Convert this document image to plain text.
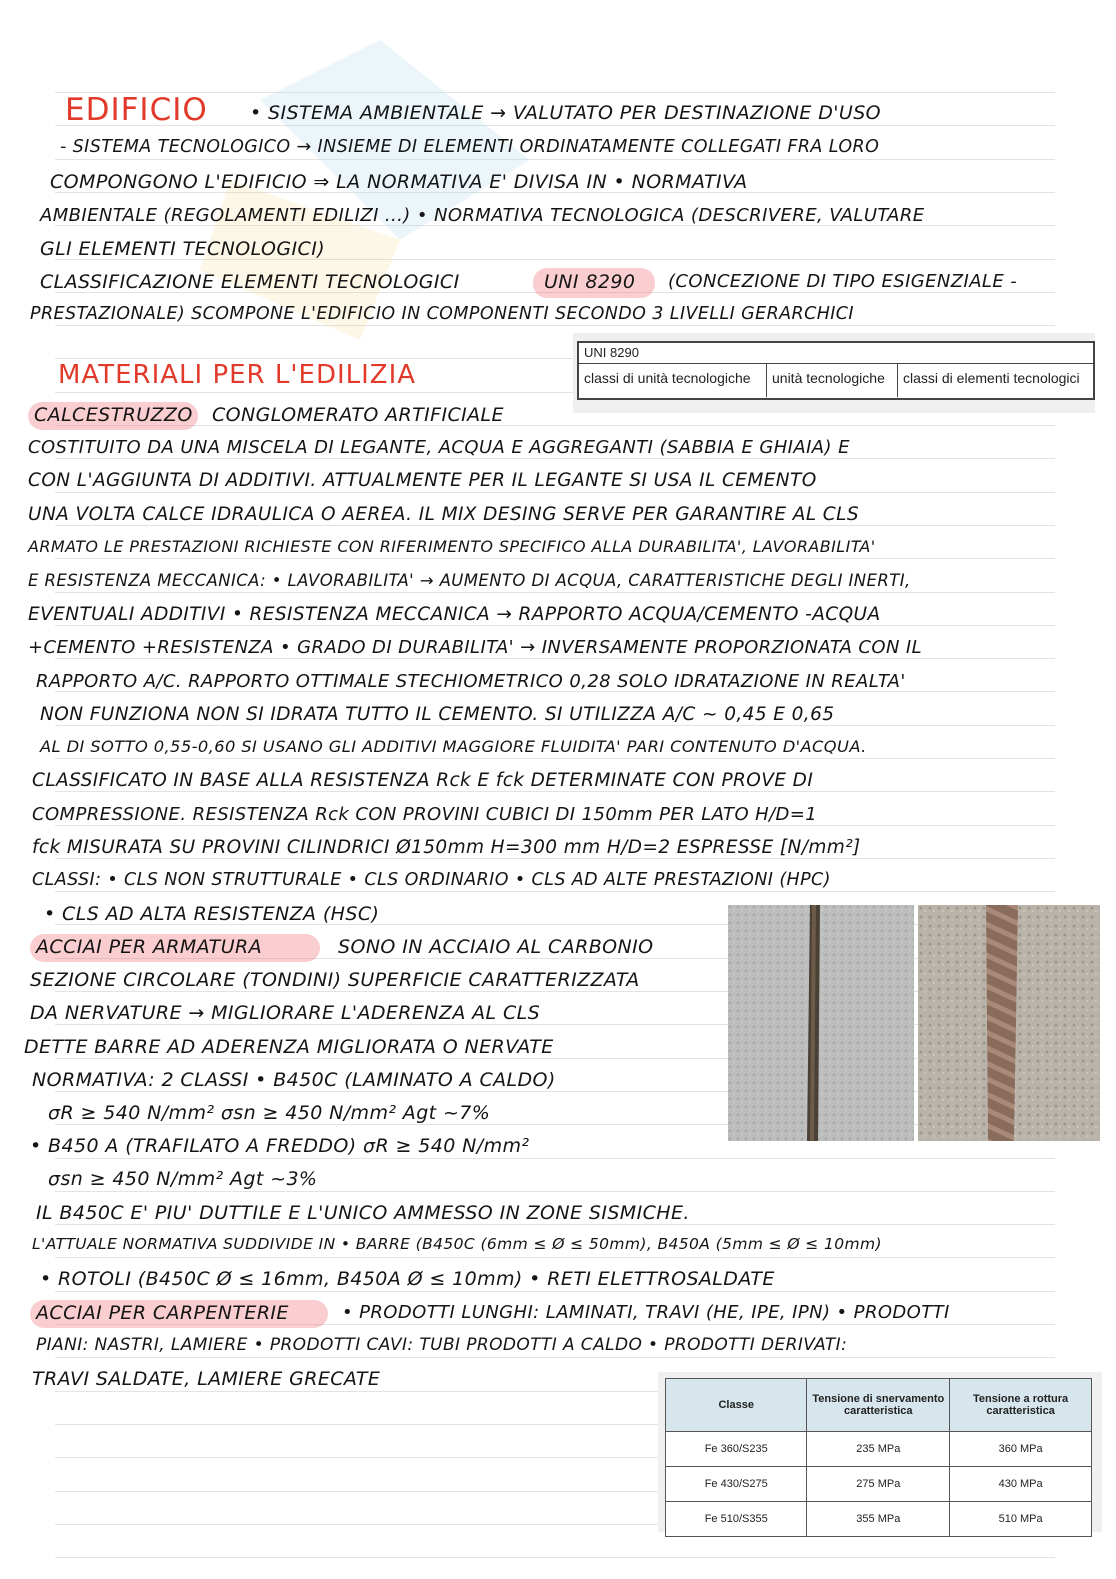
EDIFICIO
MATERIALI PER L'EDILIZIA
• SISTEMA AMBIENTALE → VALUTATO PER DESTINAZIONE D'USO
- SISTEMA TECNOLOGICO → INSIEME DI ELEMENTI ORDINATAMENTE COLLEGATI FRA LORO
COMPONGONO L'EDIFICIO ⇒ LA NORMATIVA E' DIVISA IN • NORMATIVA
AMBIENTALE (REGOLAMENTI EDILIZI ...) • NORMATIVA TECNOLOGICA (DESCRIVERE, VALUTARE
GLI ELEMENTI TECNOLOGICI)
CLASSIFICAZIONE ELEMENTI TECNOLOGICI	UNI 8290 (CONCEZIONE DI TIPO ESIGENZIALE -
PRESTAZIONALE) SCOMPONE L'EDIFICIO IN COMPONENTI SECONDO 3 LIVELLI GERARCHICI
CALCESTRUZZO CONGLOMERATO ARTIFICIALE
COSTITUITO DA UNA MISCELA DI LEGANTE, ACQUA E AGGREGANTI (SABBIA E GHIAIA) E
CON L'AGGIUNTA DI ADDITIVI. ATTUALMENTE PER IL LEGANTE SI USA IL CEMENTO
UNA VOLTA CALCE IDRAULICA O AEREA. IL MIX DESING SERVE PER GARANTIRE AL CLS
ARMATO LE PRESTAZIONI RICHIESTE CON RIFERIMENTO SPECIFICO ALLA DURABILITA', LAVORABILITA'
E RESISTENZA MECCANICA: • LAVORABILITA' → AUMENTO DI ACQUA, CARATTERISTICHE DEGLI INERTI,
EVENTUALI ADDITIVI • RESISTENZA MECCANICA → RAPPORTO ACQUA/CEMENTO -ACQUA
+CEMENTO +RESISTENZA • GRADO DI DURABILITA' → INVERSAMENTE PROPORZIONATA CON IL
RAPPORTO A/C. RAPPORTO OTTIMALE STECHIOMETRICO 0,28 SOLO IDRATAZIONE IN REALTA'
NON FUNZIONA NON SI IDRATA TUTTO IL CEMENTO. SI UTILIZZA A/C ~ 0,45 E 0,65
AL DI SOTTO 0,55-0,60 SI USANO GLI ADDITIVI MAGGIORE FLUIDITA' PARI CONTENUTO D'ACQUA.
CLASSIFICATO IN BASE ALLA RESISTENZA Rck E fck DETERMINATE CON PROVE DI
COMPRESSIONE. RESISTENZA Rck CON PROVINI CUBICI DI 150mm PER LATO H/D=1
fck MISURATA SU PROVINI CILINDRICI Ø150mm H=300 mm H/D=2 ESPRESSE [N/mm²]
CLASSI: • CLS NON STRUTTURALE • CLS ORDINARIO • CLS AD ALTE PRESTAZIONI (HPC)
• CLS AD ALTA RESISTENZA (HSC)
ACCIAI PER ARMATURA	SONO IN ACCIAIO AL CARBONIO
SEZIONE CIRCOLARE (TONDINI) SUPERFICIE CARATTERIZZATA
DA NERVATURE → MIGLIORARE L'ADERENZA AL CLS
DETTE BARRE AD ADERENZA MIGLIORATA O NERVATE
NORMATIVA: 2 CLASSI • B450C (LAMINATO A CALDO)
σR ≥ 540 N/mm² σsn ≥ 450 N/mm² Agt ~7%
• B450 A (TRAFILATO A FREDDO) σR ≥ 540 N/mm²
σsn ≥ 450 N/mm² Agt ~3%
IL B450C E' PIU' DUTTILE E L'UNICO AMMESSO IN ZONE SISMICHE.
L'ATTUALE NORMATIVA SUDDIVIDE IN • BARRE (B450C (6mm ≤ Ø ≤ 50mm), B450A (5mm ≤ Ø ≤ 10mm)
• ROTOLI (B450C Ø ≤ 16mm, B450A Ø ≤ 10mm) • RETI ELETTROSALDATE
ACCIAI PER CARPENTERIE	• PRODOTTI LUNGHI: LAMINATI, TRAVI (HE, IPE, IPN) • PRODOTTI
PIANI: NASTRI, LAMIERE • PRODOTTI CAVI: TUBI PRODOTTI A CALDO • PRODOTTI DERIVATI:
TRAVI SALDATE, LAMIERE GRECATE
UNI 8290
classi di unità tecnologiche	unità tecnologiche	classi di elementi tecnologici
Classe	Tensione di snervamento caratteristica	Tensione a rottura caratteristica
Fe 360/S235	235 MPa	360 MPa
Fe 430/S275	275 MPa	430 MPa
Fe 510/S355	355 MPa	510 MPa
